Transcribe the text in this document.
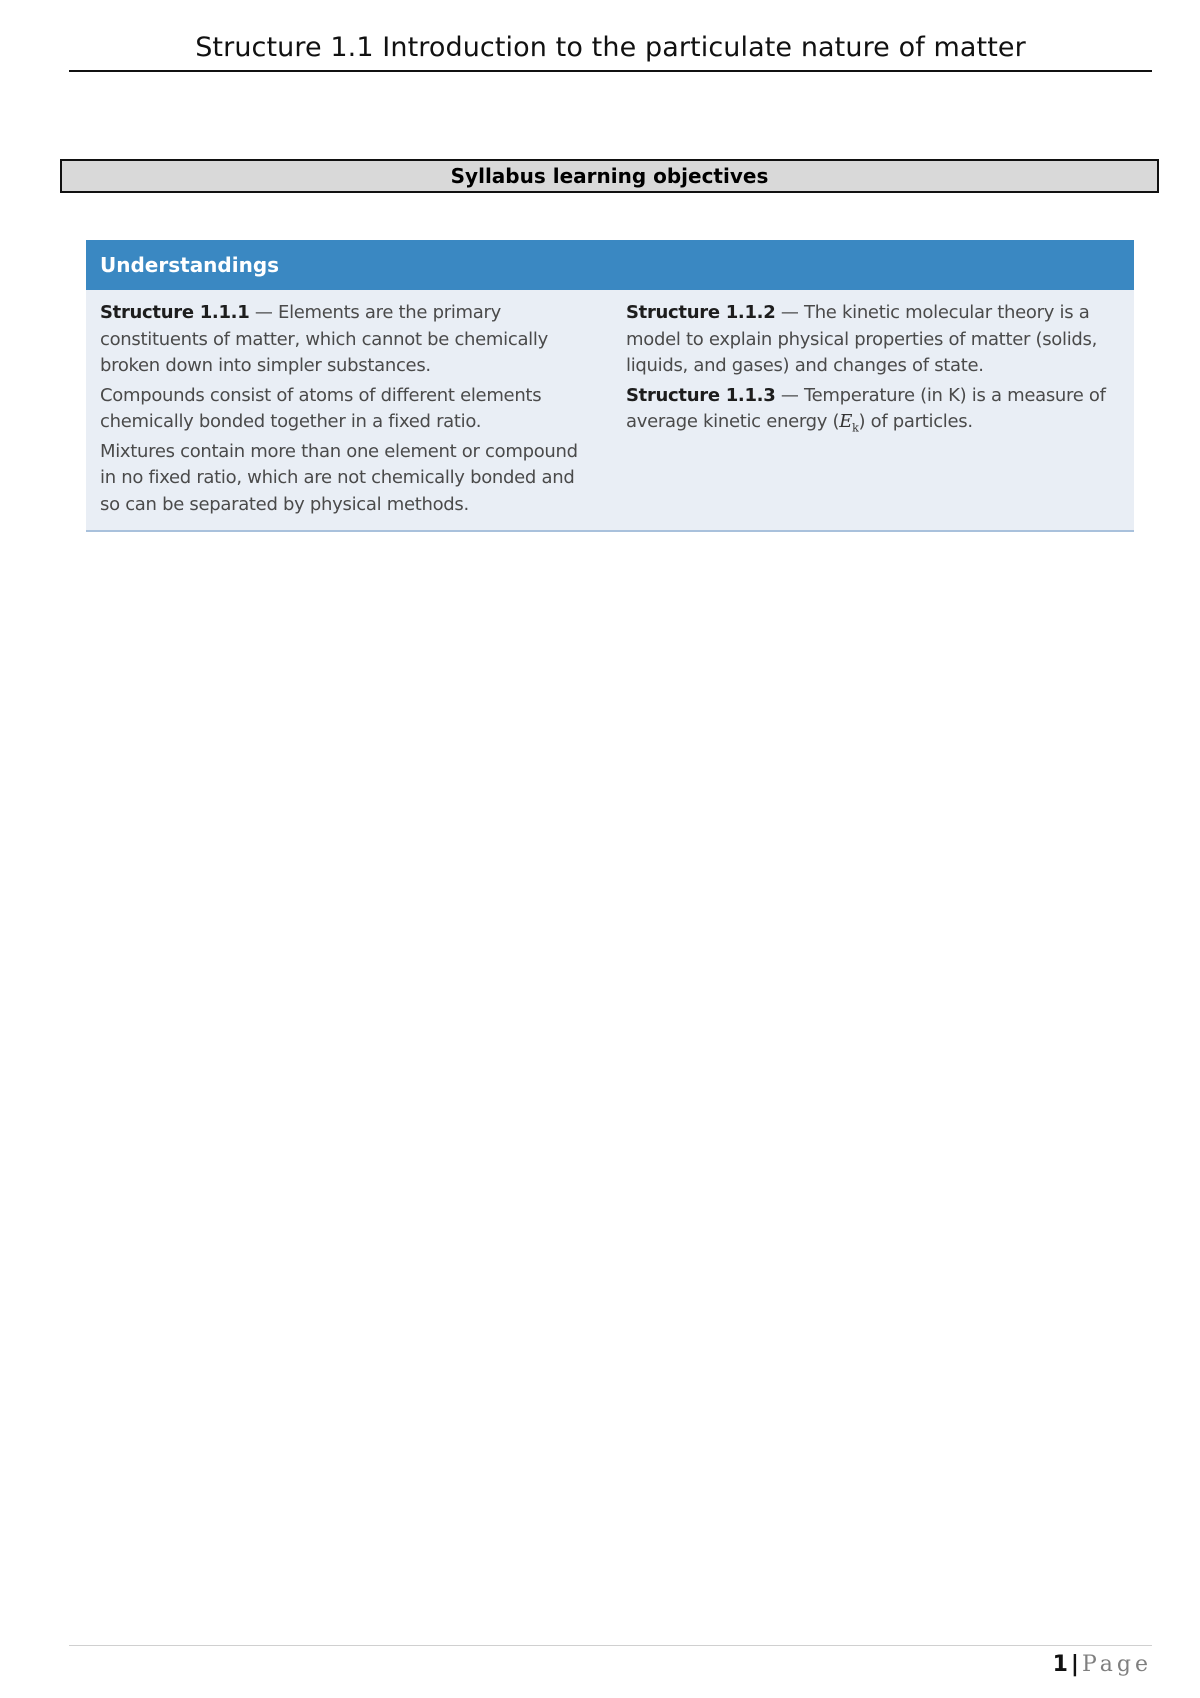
Structure 1.1 Introduction to the particulate nature of matter
Syllabus learning objectives
Understandings

Structure 1.1.1 — Elements are the primary constituents of matter, which cannot be chemically broken down into simpler substances.

Compounds consist of atoms of different elements chemically bonded together in a fixed ratio.

Mixtures contain more than one element or compound in no fixed ratio, which are not chemically bonded and so can be separated by physical methods.

Structure 1.1.2 — The kinetic molecular theory is a model to explain physical properties of matter (solids, liquids, and gases) and changes of state.

Structure 1.1.3 — Temperature (in K) is a measure of average kinetic energy $(E_k)$ of particles.

1 | Page
